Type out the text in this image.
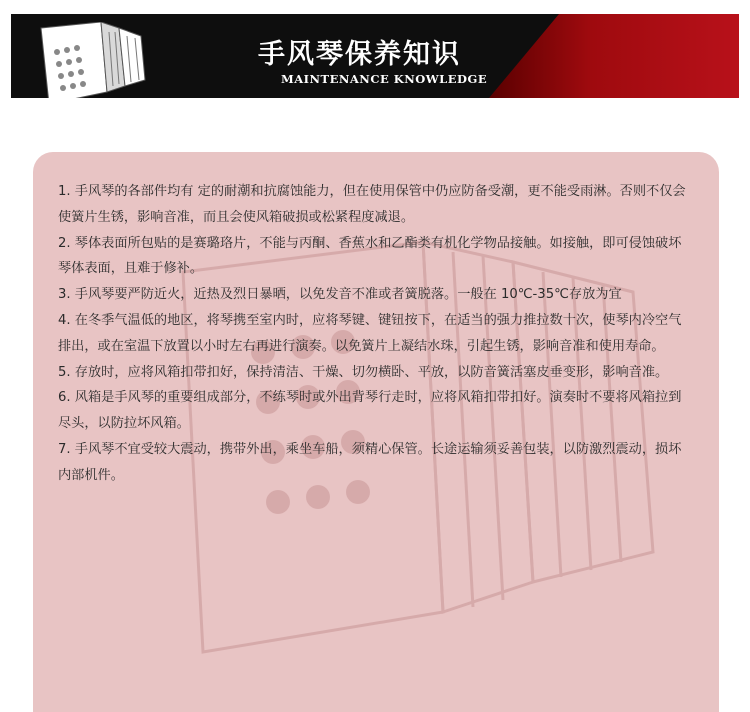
手风琴保养知识
MAINTENANCE KNOWLEDGE

1. 手风琴的各部件均有 定的耐潮和抗腐蚀能力，但在使用保管中仍应防备受潮，更不能受雨淋。否则不仅会使簧片生锈，影响音准，而且会使风箱破损或松紧程度减退。

2. 琴体表面所包贴的是赛璐珞片，不能与丙酮、香蕉水和乙酯类有机化学物品接触。如接触，即可侵蚀破坏琴体表面，且难于修补。

3. 手风琴要严防近火，近热及烈日暴晒，以免发音不准或者簧脱落。一般在 10℃-35℃存放为宜

4. 在冬季气温低的地区，将琴携至室内时，应将琴键、键钮按下，在适当的强力推拉数十次，使琴内冷空气排出，或在室温下放置以小时左右再进行演奏。以免簧片上凝结水珠，引起生锈，影响音准和使用寿命。

5. 存放时，应将风箱扣带扣好，保持清洁、干燥、切勿横卧、平放，以防音簧活塞皮垂变形，影响音准。

6. 风箱是手风琴的重要组成部分，不练琴时或外出背琴行走时，应将风箱扣带扣好。演奏时不要将风箱拉到尽头，以防拉坏风箱。

7. 手风琴不宜受较大震动，携带外出，乘坐车船，须精心保管。长途运输须妥善包装，以防激烈震动，损坏内部机件。
